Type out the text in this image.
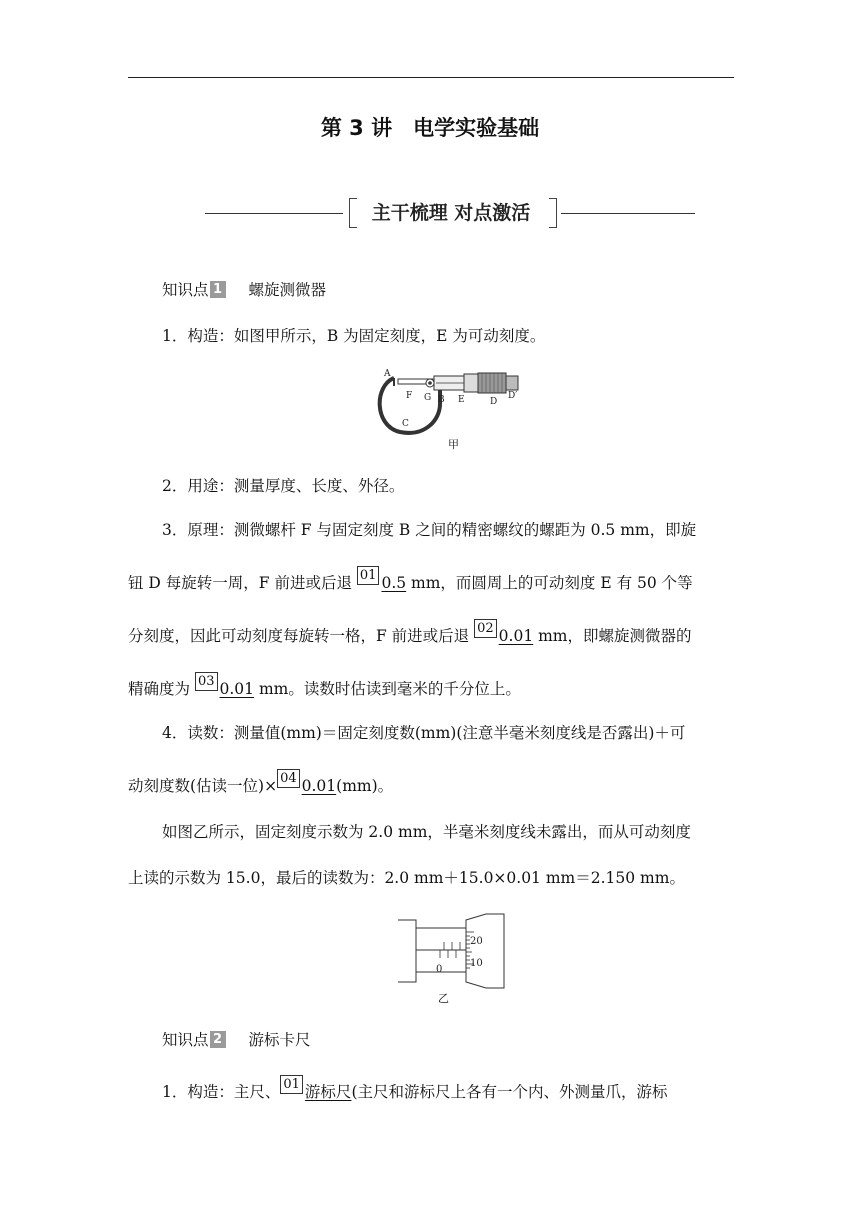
第 3 讲　电学实验基础
主干梳理 对点激活
知识点 1 螺旋测微器
1．构造：如图甲所示，B 为固定刻度，E 为可动刻度。
A
F G B E	D
D′
C
甲
2．用途：测量厚度、长度、外径。
3．原理：测微螺杆 F 与固定刻度 B 之间的精密螺纹的螺距为 0.5 mm，即旋
钮 D 每旋转一周，F 前进或后退 01 0.5 mm，而圆周上的可动刻度 E 有 50 个等
分刻度，因此可动刻度每旋转一格，F 前进或后退 02 0.01 mm，即螺旋测微器的
精确度为 03 0.01 mm。读数时估读到毫米的千分位上。
4．读数：测量值(mm)＝固定刻度数(mm)(注意半毫米刻度线是否露出)＋可
动刻度数(估读一位)× 04 0.01(mm)。
如图乙所示，固定刻度示数为 2.0 mm，半毫米刻度线未露出，而从可动刻度
上读的示数为 15.0，最后的读数为：2.0 mm＋15.0×0.01 mm＝2.150 mm。
20
10
0
乙
知识点 2 游标卡尺
1．构造：主尺、 01 游标尺(主尺和游标尺上各有一个内、外测量爪，游标
